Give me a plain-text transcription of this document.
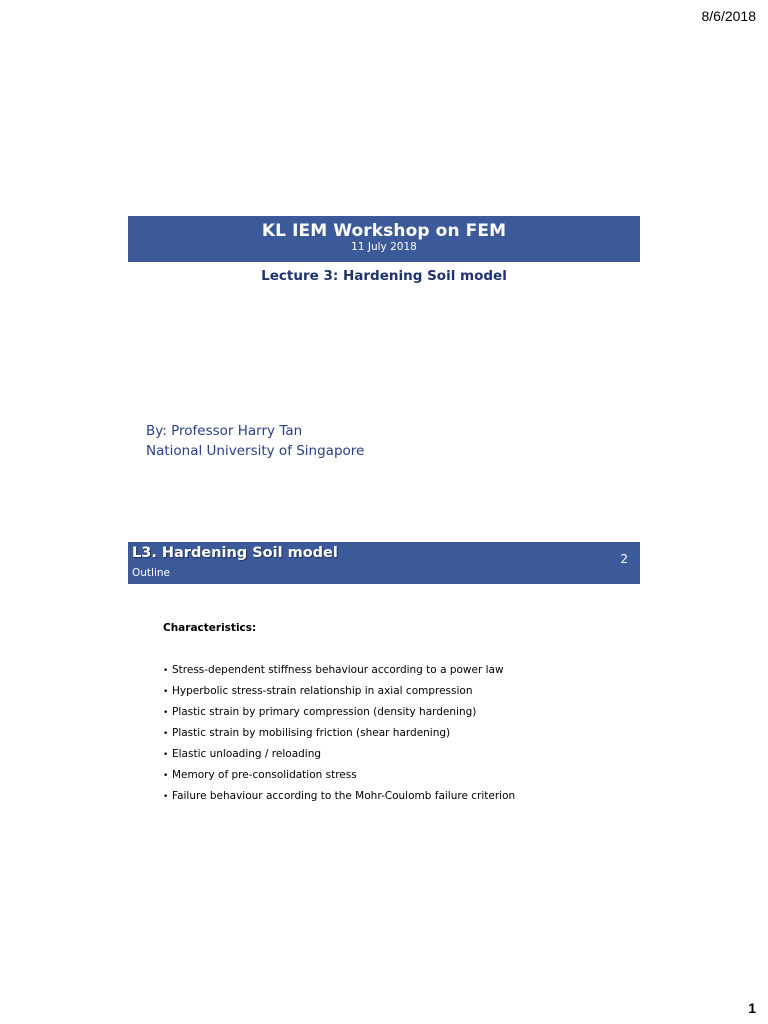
8/6/2018
KL IEM Workshop on FEM
11 July 2018
Lecture 3: Hardening Soil model
By: Professor Harry Tan
National University of Singapore
L3. Hardening Soil model
Outline
2
Characteristics:
• Stress-dependent stiffness behaviour according to a power law
• Hyperbolic stress-strain relationship in axial compression
• Plastic strain by primary compression (density hardening)
• Plastic strain by mobilising friction (shear hardening)
• Elastic unloading / reloading
• Memory of pre-consolidation stress
• Failure behaviour according to the Mohr-Coulomb failure criterion
1
